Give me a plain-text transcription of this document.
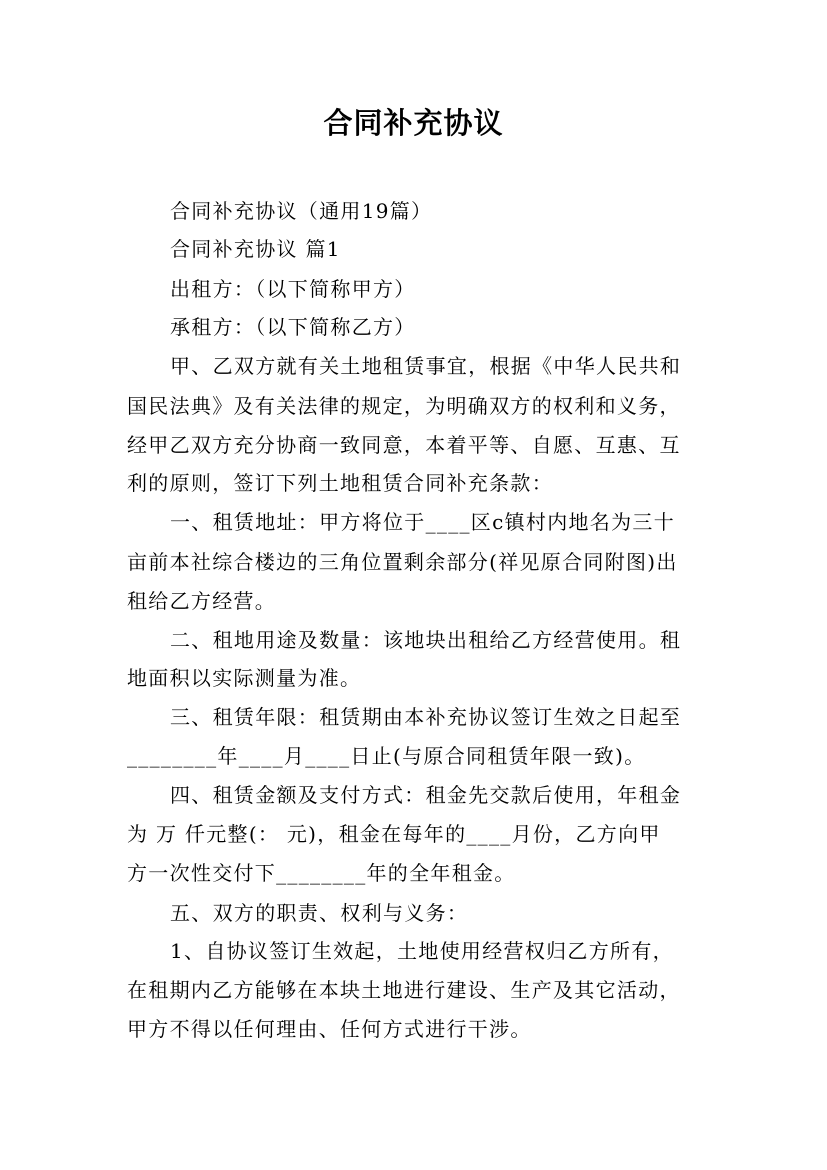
合同补充协议
合同补充协议（通用19篇）
合同补充协议 篇1
出租方：（以下简称甲方）
承租方：（以下简称乙方）
甲、乙双方就有关土地租赁事宜，根据《中华人民共和
国民法典》及有关法律的规定，为明确双方的权利和义务，
经甲乙双方充分协商一致同意，本着平等、自愿、互惠、互
利的原则，签订下列土地租赁合同补充条款：
一、租赁地址：甲方将位于____区c镇村内地名为三十
亩前本社综合楼边的三角位置剩余部分(祥见原合同附图)出
租给乙方经营。
二、租地用途及数量：该地块出租给乙方经营使用。租
地面积以实际测量为准。
三、租赁年限：租赁期由本补充协议签订生效之日起至
________年____月____日止(与原合同租赁年限一致)。
四、租赁金额及支付方式：租金先交款后使用，年租金
为 万 仟元整(： 元)，租金在每年的____月份，乙方向甲
方一次性交付下________年的全年租金。
五、双方的职责、权利与义务：
1、自协议签订生效起，土地使用经营权归乙方所有，
在租期内乙方能够在本块土地进行建设、生产及其它活动，
甲方不得以任何理由、任何方式进行干涉。
